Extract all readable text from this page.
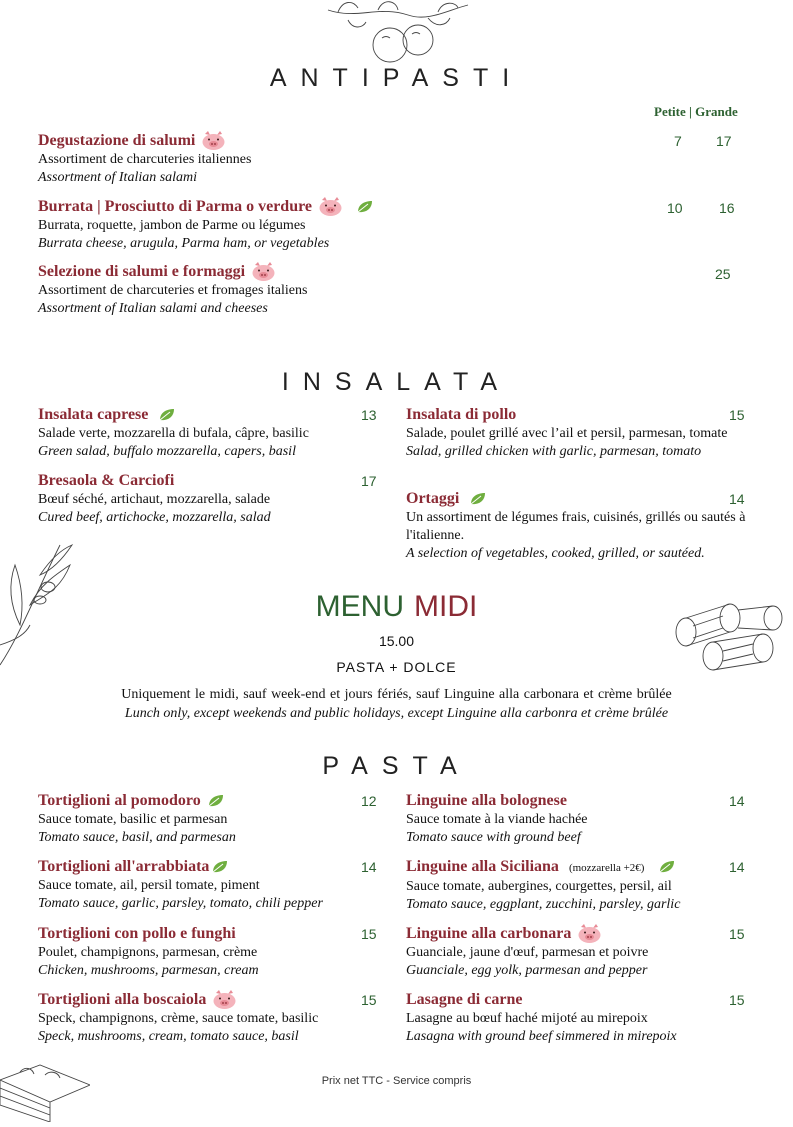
ANTIPASTI
Petite | Grande
Degustazione di salumi
Assortiment de charcuteries italiennes
Assortment of Italian salami
7 17
Burrata | Prosciutto di Parma o verdure
Burrata, roquette, jambon de Parme ou légumes
Burrata cheese, arugula, Parma ham, or vegetables
10	16
Selezione di salumi e formaggi
Assortiment de charcuteries et fromages italiens
Assortment of Italian salami and cheeses
25
INSALATA
Insalata caprese
Salade verte, mozzarella di bufala, câpre, basilic
Green salad, buffalo mozzarella, capers, basil
13
Bresaola & Carciofi
Bœuf séché, artichaut, mozzarella, salade
Cured beef, artichocke, mozzarella, salad
17
Insalata di pollo
Salade, poulet grillé avec l’ail et persil, parmesan, tomate
Salad, grilled chicken with garlic, parmesan, tomato
15
Ortaggi
Un assortiment de légumes frais, cuisinés, grillés ou sautés à l'italienne.
A selection of vegetables, cooked, grilled, or sautéed.
14
MENU MIDI
15.00
PASTA + DOLCE
Uniquement le midi, sauf week-end et jours fériés, sauf Linguine alla carbonara et crème brûlée
Lunch only, except weekends and public holidays, except Linguine alla carbonra et crème brûlée
PASTA
Tortiglioni al pomodoro
Sauce tomate, basilic et parmesan
Tomato sauce, basil, and parmesan
12
Tortiglioni all'arrabbiata
Sauce tomate, ail, persil tomate, piment
Tomato sauce, garlic, parsley, tomato, chili pepper
14
Tortiglioni con pollo e funghi
Poulet, champignons, parmesan, crème
Chicken, mushrooms, parmesan, cream
15
Tortiglioni alla boscaiola
Speck, champignons, crème, sauce tomate, basilic
Speck, mushrooms, cream, tomato sauce, basil
15
Linguine alla bolognese
Sauce tomate à la viande hachée
Tomato sauce with ground beef
14
Linguine alla Siciliana (mozzarella +2€)
Sauce tomate, aubergines, courgettes, persil, ail
Tomato sauce, eggplant, zucchini, parsley, garlic
14
Linguine alla carbonara
Guanciale, jaune d'œuf, parmesan et poivre
Guanciale, egg yolk, parmesan and pepper
15
Lasagne di carne
Lasagne au bœuf haché mijoté au mirepoix
Lasagna with ground beef simmered in mirepoix
15
Prix net TTC - Service compris
